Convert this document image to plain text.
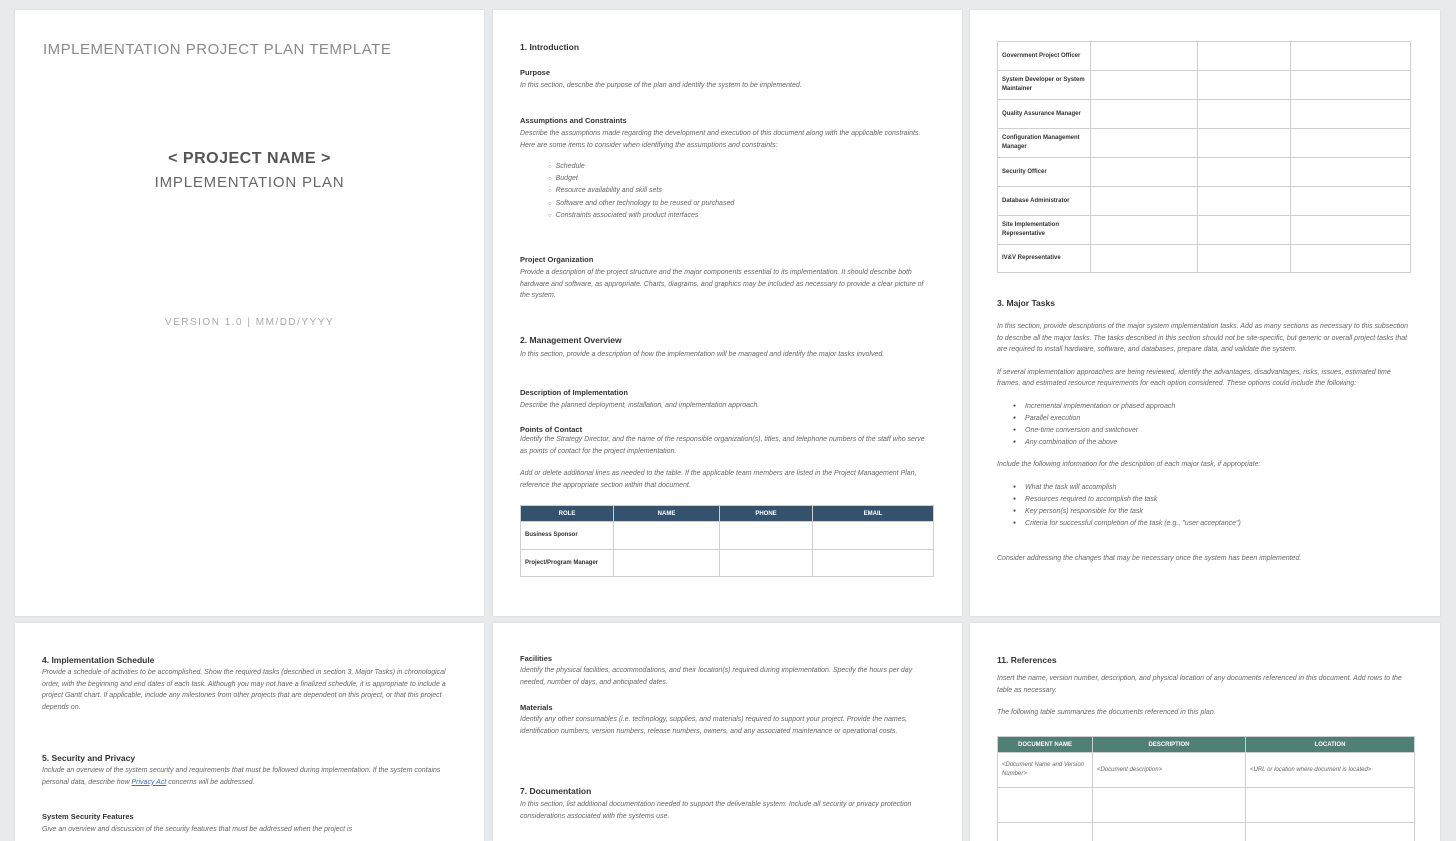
IMPLEMENTATION PROJECT PLAN TEMPLATE
< PROJECT NAME >
IMPLEMENTATION PLAN
VERSION 1.0 | MM/DD/YYYY

1. Introduction

Purpose

In this section, describe the purpose of the plan and identify the system to be implemented.

Assumptions and Constraints

Describe the assumptions made regarding the development and execution of this document along with the applicable constraints. Here are some items to consider when identifying the assumptions and constraints:

○ Schedule
○ Budget
○ Resource availability and skill sets
○ Software and other technology to be reused or purchased
○ Constraints associated with product interfaces

Project Organization

Provide a description of the project structure and the major components essential to its implementation. It should describe both hardware and software, as appropriate. Charts, diagrams, and graphics may be included as necessary to provide a clear picture of the system.

2. Management Overview

In this section, provide a description of how the implementation will be managed and identify the major tasks involved.

Description of Implementation

Describe the planned deployment, installation, and implementation approach.

Points of Contact

Identify the Strategy Director, and the name of the responsible organization(s), titles, and telephone numbers of the staff who serve as points of contact for the project implementation.

Add or delete additional lines as needed to the table. If the applicable team members are listed in the Project Management Plan, reference the appropriate section within that document.

ROLE	NAME	PHONE	EMAIL
Business Sponsor			
Project/Program Manager			
Government Project Officer			
System Developer or System Maintainer			
Quality Assurance Manager			
Configuration Management Manager			
Security Officer			
Database Administrator			
Site Implementation Representative			
IV&V Representative			

3. Major Tasks

In this section, provide descriptions of the major system implementation tasks. Add as many sections as necessary to this subsection to describe all the major tasks. The tasks described in this section should not be site-specific, but generic or overall project tasks that are required to install hardware, software, and databases, prepare data, and validate the system.

If several implementation approaches are being reviewed, identify the advantages, disadvantages, risks, issues, estimated time frames, and estimated resource requirements for each option considered. These options could include the following:

● Incremental implementation or phased approach
● Parallel execution
● One-time conversion and switchover
● Any combination of the above

Include the following information for the description of each major task, if appropriate:

● What the task will accomplish
● Resources required to accomplish the task
● Key person(s) responsible for the task
● Criteria for successful completion of the task (e.g., "user acceptance")

Consider addressing the changes that may be necessary once the system has been implemented.

4. Implementation Schedule

Provide a schedule of activities to be accomplished. Show the required tasks (described in section 3, Major Tasks) in chronological order, with the beginning and end dates of each task. Although you may not have a finalized schedule, it is appropriate to include a project Gantt chart. If applicable, include any milestones from other projects that are dependent on this project, or that this project depends on.

5. Security and Privacy

Include an overview of the system security and requirements that must be followed during implementation. If the system contains personal data, describe how Privacy Act concerns will be addressed.

System Security Features

Give an overview and discussion of the security features that must be addressed when the project is

Facilities

Identify the physical facilities, accommodations, and their location(s) required during implementation. Specify the hours per day needed, number of days, and anticipated dates.

Materials

Identify any other consumables (i.e. technology, supplies, and materials) required to support your project. Provide the names, identification numbers, version numbers, release numbers, owners, and any associated maintenance or operational costs.

7. Documentation

In this section, list additional documentation needed to support the deliverable system. Include all security or privacy protection considerations associated with the systems use.

11. References

Insert the name, version number, description, and physical location of any documents referenced in this document. Add rows to the table as necessary.

The following table summarizes the documents referenced in this plan.

DOCUMENT NAME	DESCRIPTION	LOCATION
<Document Name and Version Number>	<Document description>	<URL or location where document is located>
